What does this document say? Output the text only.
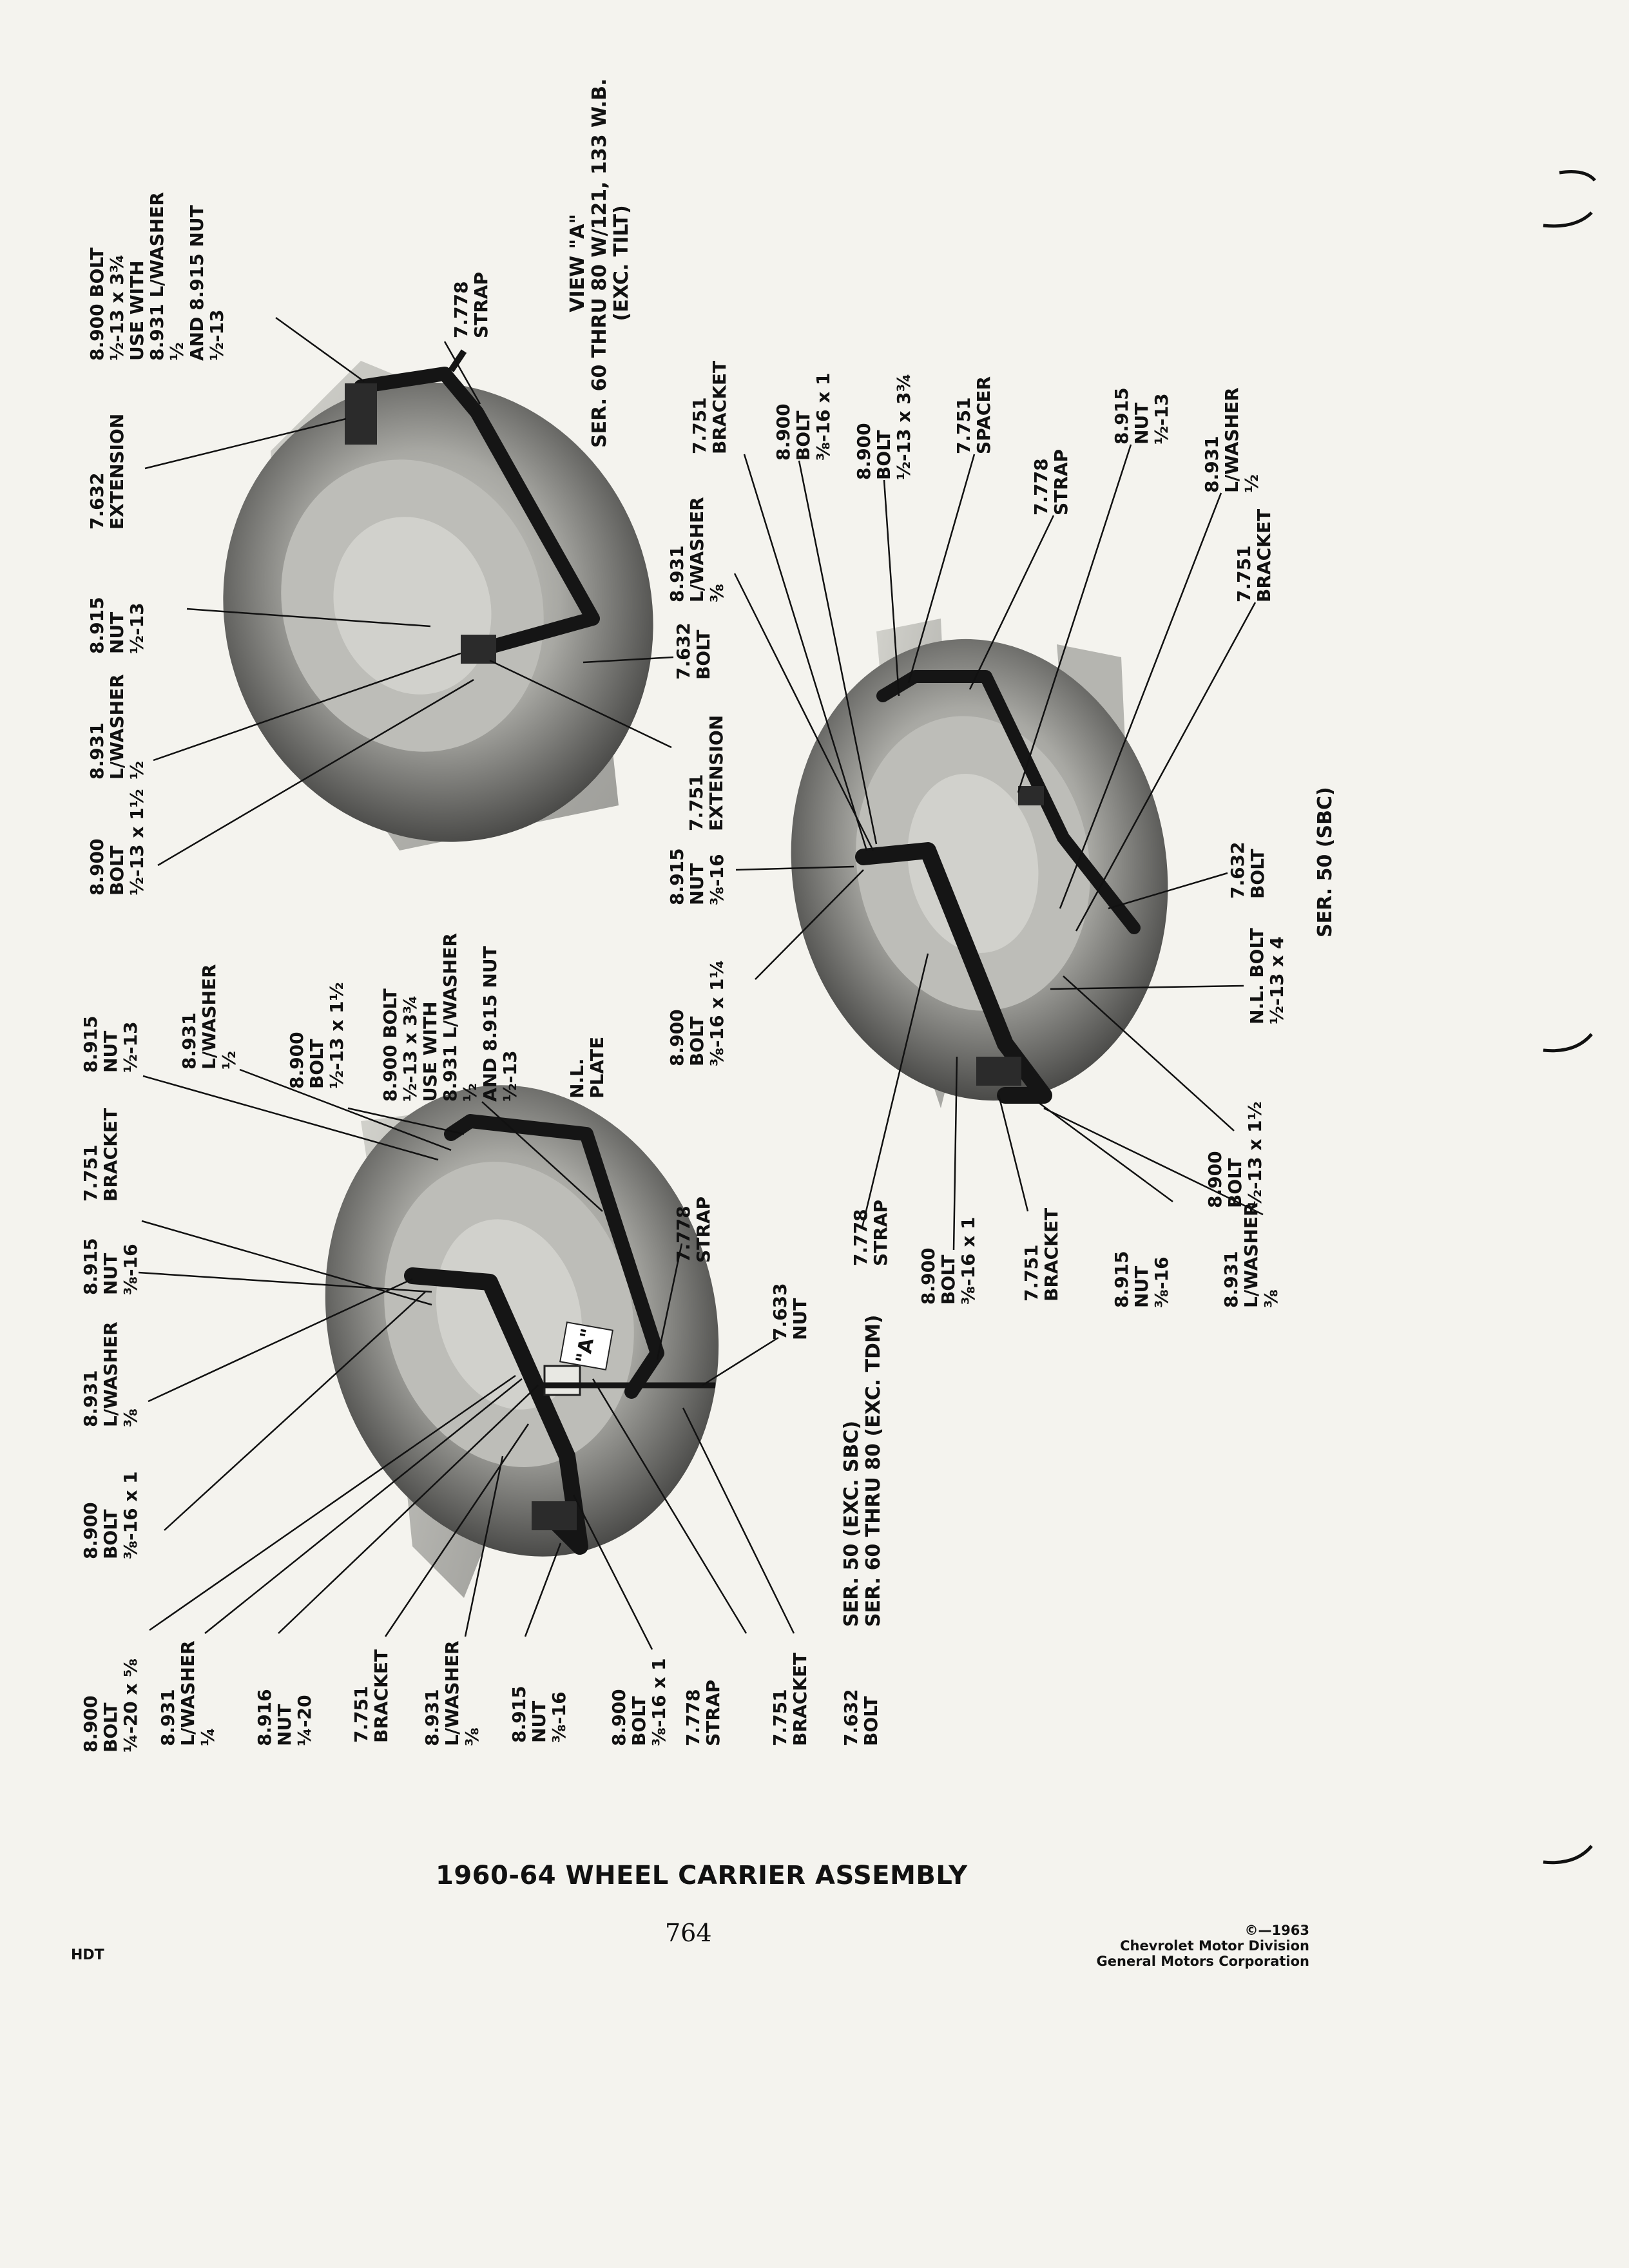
"A"
8.900 BOLT
½-13 x 3¾
USE WITH
8.931 L/WASHER
½
AND 8.915 NUT
½-13
7.632
EXTENSION
8.915
NUT
½-13
8.931
L/WASHER
½
8.900
BOLT
½-13 x 1½
7.778
STRAP
7.632
BOLT
7.751
EXTENSION
VIEW "A" SER. 60 THRU 80 W/121, 133 W.B. (EXC. TILT)
8.915
NUT
½-13 8.931
L/WASHER
½	8.900
BOLT
½-13 x 1½ 8.900 BOLT
½-13 x 3¾
USE WITH
8.931 L/WASHER
½
AND 8.915 NUT
½-13	N.L.
PLATE
7.751
BRACKET
8.915
NUT
⅜-16
8.931
L/WASHER
⅜
8.900
BOLT
⅜-16 x 1
7.778
STRAP
7.633
NUT
8.900
BOLT
¼-20 x ⅝ 8.931
L/WASHER
¼ 8.916
NUT
¼-20 7.751
BRACKET 8.931
L/WASHER
⅜ 8.915
NUT
⅜-16 8.900
BOLT
⅜-16 x 1 7.778
STRAP	7.751
BRACKET 7.632
BOLT
SER. 50 (EXC. SBC) SER. 60 THRU 80 (EXC. TDM)
8.931
L/WASHER
⅜
7.751
BRACKET 8.900
BOLT
⅜-16 x 1 8.900
BOLT
½-13 x 3¾ 7.751
SPACER
7.778
STRAP
8.915
NUT
½-13
8.931
L/WASHER
½
7.751
BRACKET
8.915
NUT
⅜-16
8.900
BOLT
⅜-16 x 1¼
7.632
BOLT
N.L. BOLT
½-13 x 4
8.900
BOLT
½-13 x 1½
7.778
STRAP
8.900
BOLT
⅜-16 x 1 7.751
BRACKET	8.915
NUT
⅜-16	8.931
L/WASHER
⅜
SER. 50 (SBC)
1960-64 WHEEL CARRIER ASSEMBLY
764	©—1963
Chevrolet Motor Division
General Motors Corporation
HDT
